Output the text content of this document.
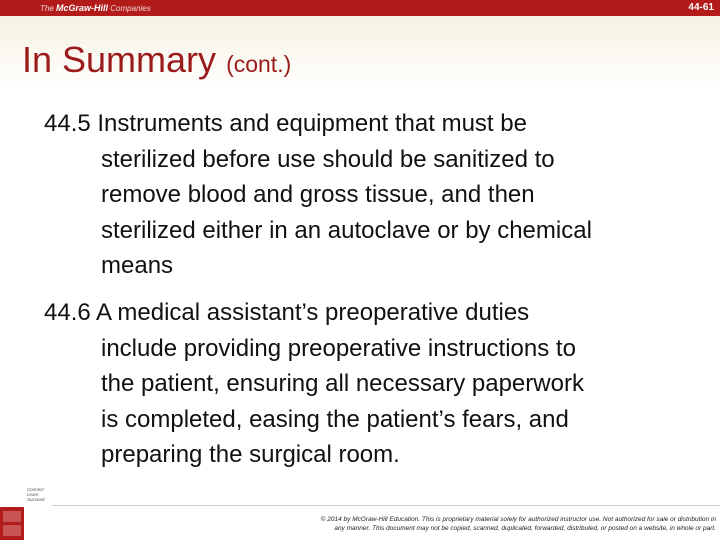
The McGraw-Hill Companies	44-61
In Summary (cont.)
44.5 Instruments and equipment that must be
sterilized before use should be sanitized to
remove blood and gross tissue, and then
sterilized either in an autoclave or by chemical
means
44.6 A medical assistant’s preoperative duties
include providing preoperative instructions to
the patient, ensuring all necessary paperwork
is completed, easing the patient’s fears, and
preparing the surgical room.
Connect
Learn
Succeed
© 2014 by McGraw-Hill Education. This is proprietary material solely for authorized instructor use. Not authorized for sale or distribution in
any manner. This document may not be copied, scanned, duplicated, forwarded, distributed, or posted on a website, in whole or part.
